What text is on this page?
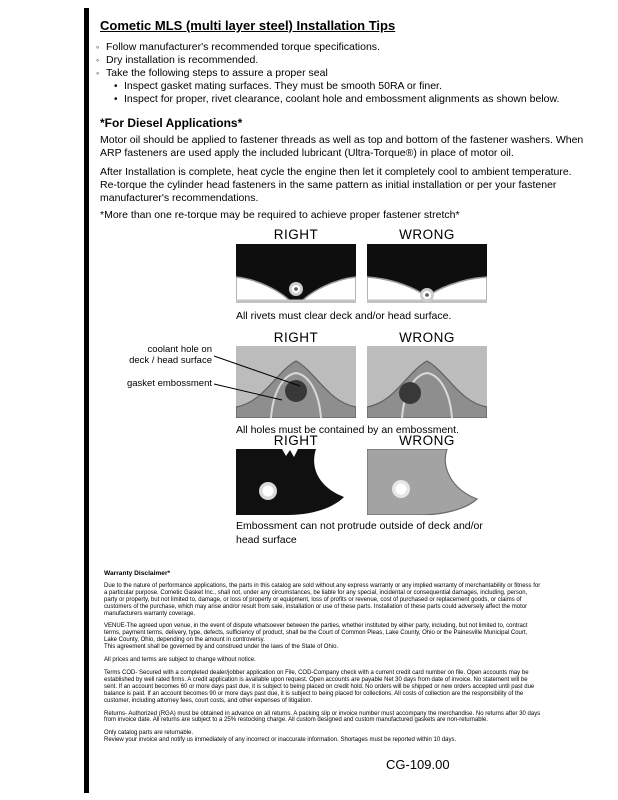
Cometic MLS (multi layer steel) Installation Tips
◦
Follow manufacturer's recommended torque specifications.
◦
Dry installation is recommended.
◦
Take the following steps to assure a proper seal
•
Inspect gasket mating surfaces. They must be smooth 50RA or finer.
•
Inspect for proper, rivet clearance, coolant hole and embossment alignments as shown below.
*For Diesel Applications*
Motor oil should be applied to fastener threads as well as top and bottom of the fastener washers. When ARP fasteners are used apply the included lubricant (Ultra-Torque®) in place of motor oil.
After Installation is complete, heat cycle the engine then let it completely cool to ambient temperature. Re-torque the cylinder head fasteners in the same pattern as initial installation or per your fastener manufacturer's recommendations.
*More than one re-torque may be required to achieve proper fastener stretch*
RIGHT	WRONG
All rivets must clear deck and/or head surface.
RIGHT	WRONG
coolant hole on deck / head surface
gasket embossment
All holes must be contained by an embossment.
RIGHT	WRONG
Embossment can not protrude outside of deck and/or head surface
Warranty Disclaimer*

Due to the nature of performance applications, the parts in this catalog are sold without any express warranty or any implied warranty of merchantability or fitness for a particular purpose. Cometic Gasket Inc., shall not, under any circumstances, be liable for any special, incidental or consequential damages, including, person, party or property, but not limited to, damage, or loss of property or equipment, loss of profits or revenue, cost of purchased or replacement goods, or claims of customers of the purchase, which may arise and/or result from sale, installation or use of these parts. Installation of these parts could adversely affect the motor manufacturers warranty coverage.

VENUE-The agreed upon venue, in the event of dispute whatsoever between the parties, whether instituted by either party, including, but not limited to, contract terms, payment terms, delivery, type, defects, sufficiency of product, shall be the Court of Common Pleas, Lake County, Ohio or the Painesville Municipal Court, Lake County, Ohio, depending on the amount in controversy.

This agreement shall be governed by and construed under the laws of the State of Ohio.

All prices and terms are subject to change without notice.

Terms COD- Secured with a completed dealer/jobber application on File, COD-Company check with a current credit card number on file. Open accounts may be established by well rated firms. A credit application is available upon request. Open accounts are payable Net 30 days from date of invoice. No statement will be sent. If an account becomes 60 or more days past due, it is subject to being placed on credit hold. No orders will be shipped or new orders accepted until past due balance is paid. If an account becomes 90 or more days past due, it is subject to being placed for collections. All costs of collection are the responsibility of the customer, including attorney fees, court costs, and other expenses of litigation.

Returns- Authorized (RGA) must be obtained in advance on all returns. A packing slip or invoice number must accompany the merchandise. No returns after 30 days from invoice date. All returns are subject to a 25% restocking charge. All custom designed and custom manufactured gaskets are non-returnable.

Only catalog parts are returnable.

Review your invoice and notify us immediately of any incorrect or inaccurate information. Shortages must be reported within 10 days.

CG-109.00
